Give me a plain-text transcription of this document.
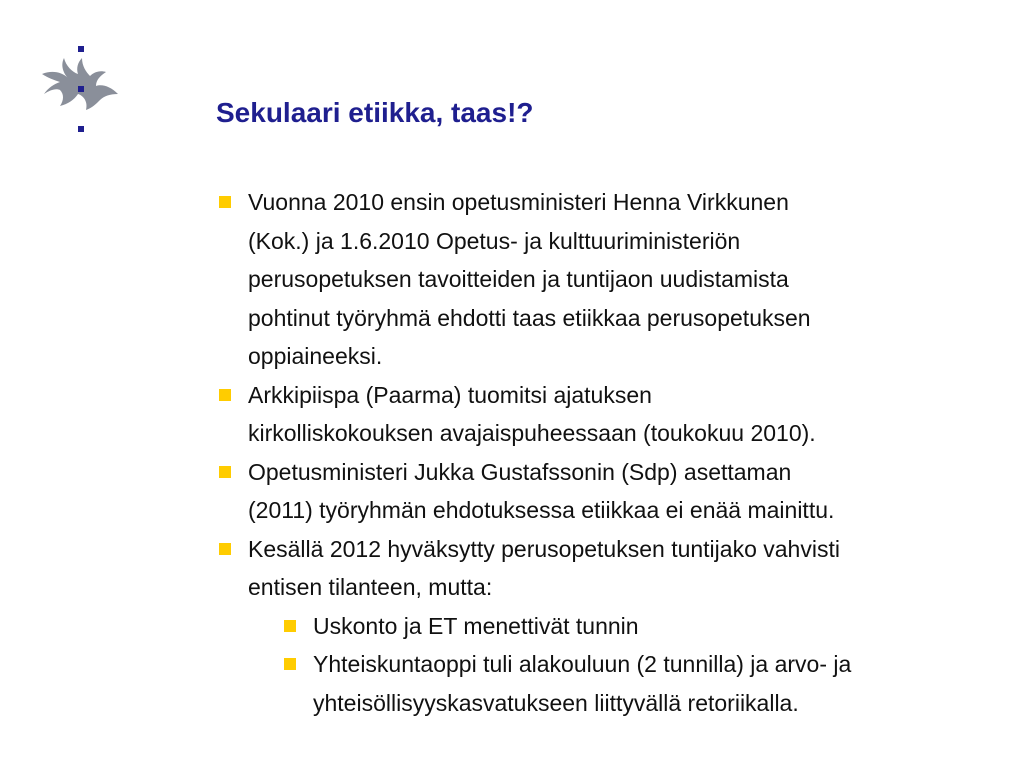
Sekulaari etiikka, taas!?
Vuonna 2010 ensin opetusministeri Henna Virkkunen
(Kok.) ja 1.6.2010 Opetus- ja kulttuuriministeriön
perusopetuksen tavoitteiden ja tuntijaon uudistamista
pohtinut työryhmä ehdotti taas etiikkaa perusopetuksen
oppiaineeksi.
Arkkipiispa (Paarma) tuomitsi ajatuksen
kirkolliskokouksen avajaispuheessaan (toukokuu 2010).
Opetusministeri Jukka Gustafssonin (Sdp) asettaman
(2011) työryhmän ehdotuksessa etiikkaa ei enää mainittu.
Kesällä 2012 hyväksytty perusopetuksen tuntijako vahvisti
entisen tilanteen, mutta:
Uskonto ja ET menettivät tunnin
Yhteiskuntaoppi tuli alakouluun (2 tunnilla) ja arvo- ja
yhteisöllisyyskasvatukseen liittyvällä retoriikalla.
